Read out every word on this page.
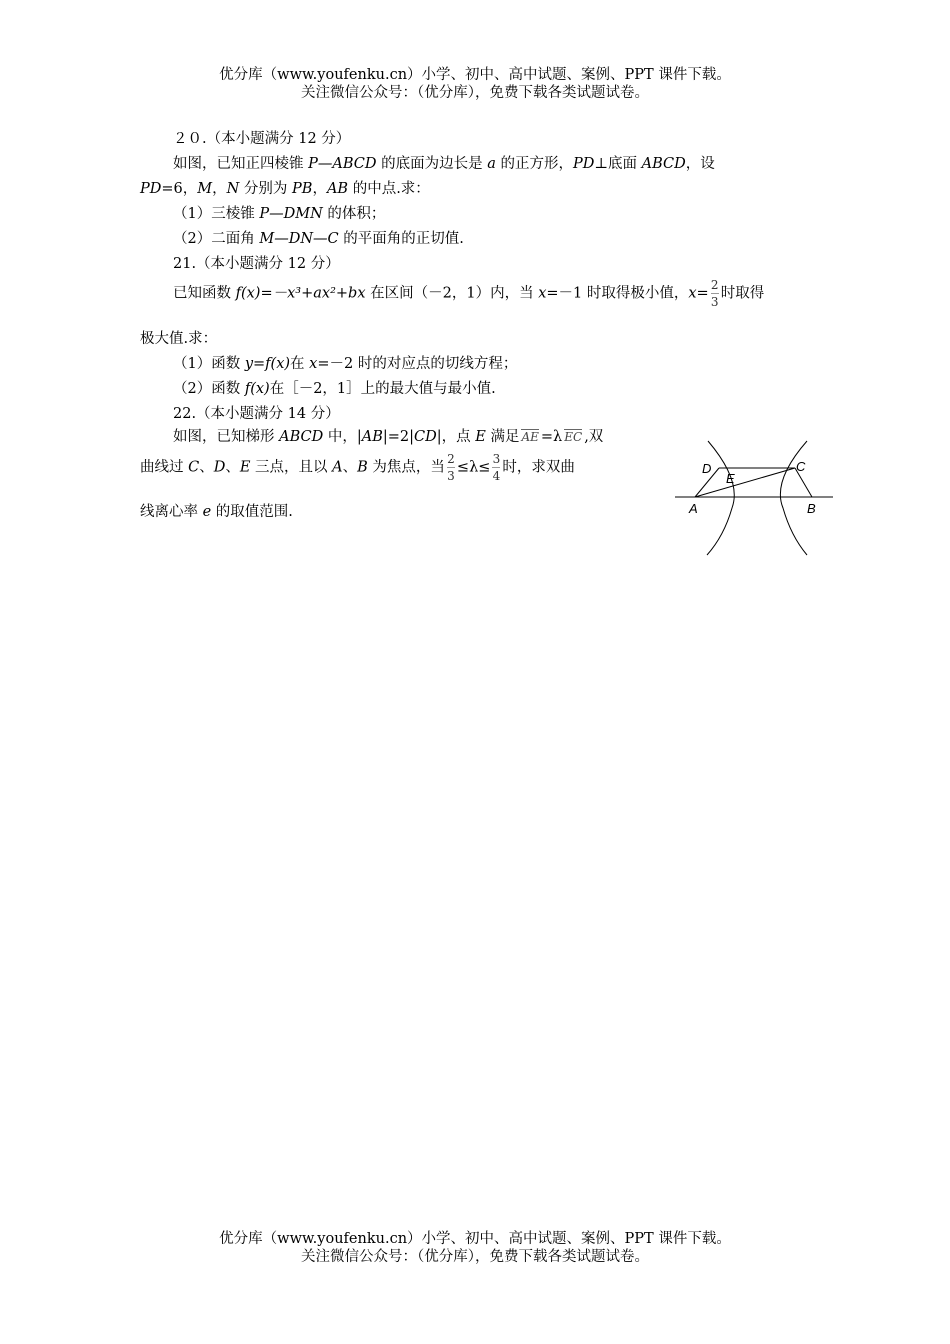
优分库（www.youfenku.cn）小学、初中、高中试题、案例、PPT 课件下载。
关注微信公众号：（优分库），免费下载各类试题试卷。
２０.（本小题满分 12 分）
如图，已知正四棱锥 P—ABCD 的底面为边长是 a 的正方形，PD⊥底面 ABCD，设
PD=6，M，N 分别为 PB，AB 的中点.求：
（1）三棱锥 P—DMN 的体积；
（2）二面角 M—DN—C 的平面角的正切值.
21.（本小题满分 12 分）
已知函数 f(x)=－x³+ax²+bx 在区间（－2，1）内，当 x=－1 时取得极小值，$x= \frac{2}{3}$ 时取得
极大值.求：
（1）函数 y=f(x)在 x=－2 时的对应点的切线方程；
（2）函数 f(x)在［－2，1］上的最大值与最小值.
22.（本小题满分 14 分）
如图，已知梯形 ABCD 中，|AB|=2|CD|，点 E 满足 AE =λ EC ,双
曲线过 C、D、E 三点，且以 A、B 为焦点，当 $\frac{2}{3} \le\lambda\le \frac{3}{4}$ 时，求双曲
线离心率 e 的取值范围.
D
E
C
A	B
优分库（www.youfenku.cn）小学、初中、高中试题、案例、PPT 课件下载。
关注微信公众号：（优分库），免费下载各类试题试卷。
